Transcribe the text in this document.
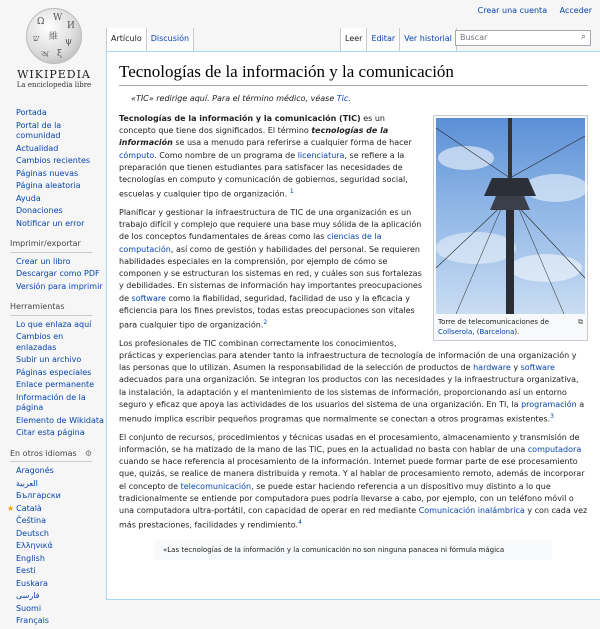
Ω W
И
ש 維 ψ
অ ξ
WIKIPEDIA
La enciclopedia libre
Portada
Portal de la comunidad
Actualidad
Cambios recientes
Páginas nuevas
Página aleatoria
Ayuda
Donaciones
Notificar un error
Imprimir/exportar
Crear un libro
Descargar como PDF
Versión para imprimir
Herramientas
Lo que enlaza aquí
Cambios en enlazadas
Subir un archivo
Páginas especiales
Enlace permanente
Información de la página
Elemento de Wikidata
Citar esta página
En otros idiomas ⚙
Aragonés
العربية
Български
★ Català
Čeština
Deutsch
Ελληνικά
English
Eesti
Euskara
فارسی
Suomi
Français
Crear una cuenta Acceder
Artículo	Discusión	Leer	Editar	Ver historial	Buscar	⌕
Tecnologías de la información y la comunicación
«TIC» redirige aquí. Para el término médico, véase Tic.
⧉
Torre de telecomunicaciones de Collserola, (Barcelona).

Tecnologías de la información y la comunicación (TIC) es un concepto que tiene dos significados. El término tecnologías de la información se usa a menudo para referirse a cualquier forma de hacer cómputo. Como nombre de un programa de licenciatura, se refiere a la preparación que tienen estudiantes para satisfacer las necesidades de tecnologías en computo y comunicación de gobiernos, seguridad social, escuelas y cualquier tipo de organización. $^1$

Planificar y gestionar la infraestructura de TIC de una organización es un trabajo difícil y complejo que requiere una base muy sólida de la aplicación de los conceptos fundamentales de áreas como las ciencias de la computación, así como de gestión y habilidades del personal. Se requieren habilidades especiales en la comprensión, por ejemplo de cómo se componen y se estructuran los sistemas en red, y cuáles son sus fortalezas y debilidades. En sistemas de información hay importantes preocupaciones de software como la fiabilidad, seguridad, facilidad de uso y la eficacia y eficiencia para los fines previstos, todas estas preocupaciones son vitales para cualquier tipo de organización.$^2$

Los profesionales de TIC combinan correctamente los conocimientos, prácticas y experiencias para atender tanto la infraestructura de tecnología de información de una organización y las personas que lo utilizan. Asumen la responsabilidad de la selección de productos de hardware y software adecuados para una organización. Se integran los productos con las necesidades y la infraestructura organizativa, la instalación, la adaptación y el mantenimiento de los sistemas de información, proporcionando así un entorno seguro y eficaz que apoya las actividades de los usuarios del sistema de una organización. En TI, la programación a menudo implica escribir pequeños programas que normalmente se conectan a otros programas existentes.$^3$

El conjunto de recursos, procedimientos y técnicas usadas en el procesamiento, almacenamiento y transmisión de información, se ha matizado de la mano de las TIC, pues en la actualidad no basta con hablar de una computadora cuando se hace referencia al procesamiento de la información. Internet puede formar parte de ese procesamiento que, quizás, se realice de manera distribuida y remota. Y al hablar de procesamiento remoto, además de incorporar el concepto de telecomunicación, se puede estar haciendo referencia a un dispositivo muy distinto a lo que tradicionalmente se entiende por computadora pues podría llevarse a cabo, por ejemplo, con un teléfono móvil o una computadora ultra-portátil, con capacidad de operar en red mediante Comunicación inalámbrica y con cada vez más prestaciones, facilidades y rendimiento.$^4$

«Las tecnologías de la información y la comunicación no son ninguna panacea ni fórmula mágica
